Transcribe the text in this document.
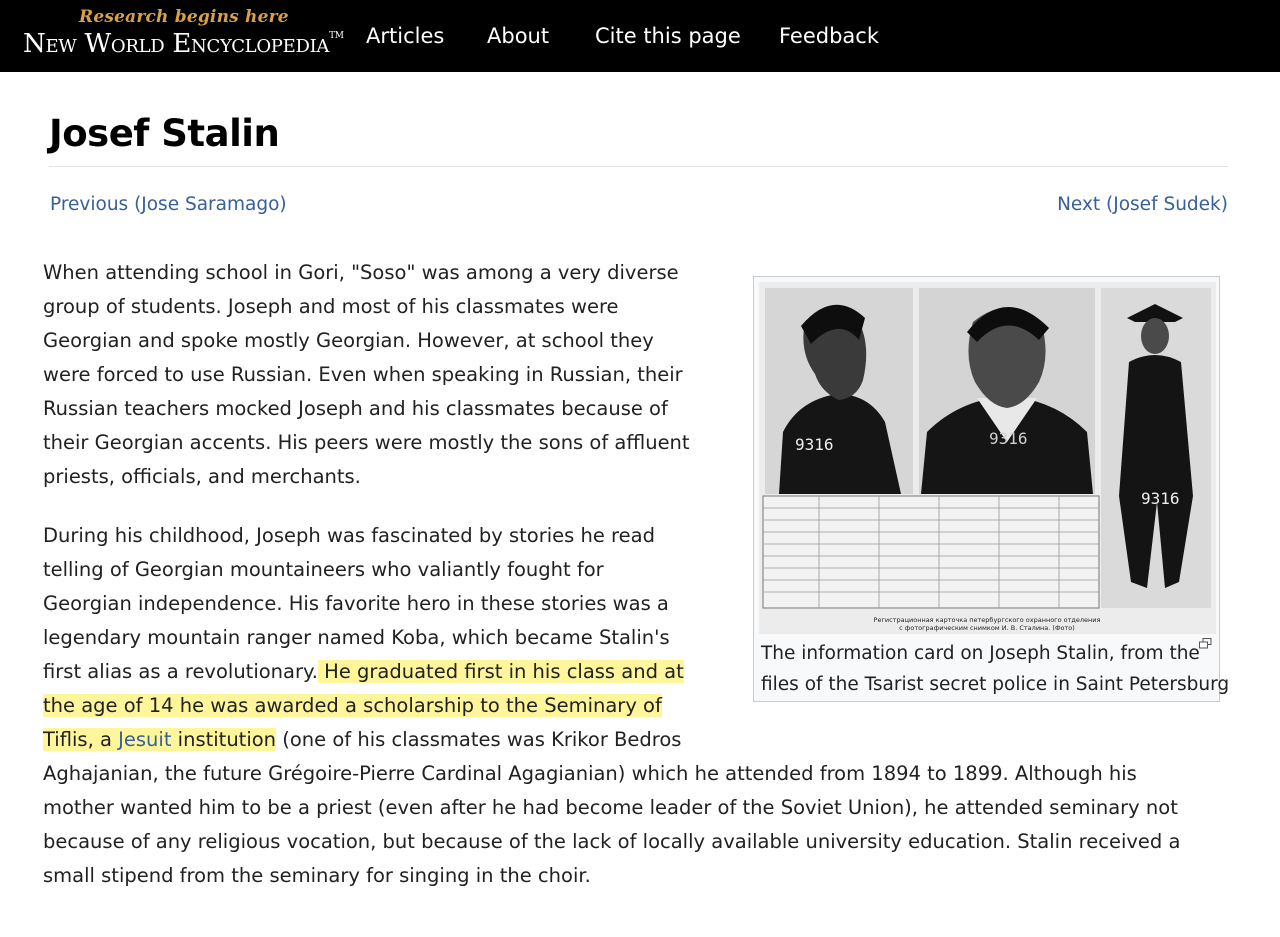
Research begins here
New World Encyclopedia™ Articles About Cite this page Feedback
Josef Stalin
Previous (Jose Saramago)	Next (Josef Sudek)

When attending school in Gori, "Soso" was among a very diverse
group of students. Joseph and most of his classmates were
Georgian and spoke mostly Georgian. However, at school they
were forced to use Russian. Even when speaking in Russian, their
Russian teachers mocked Joseph and his classmates because of
their Georgian accents. His peers were mostly the sons of affluent
priests, officials, and merchants.

During his childhood, Joseph was fascinated by stories he read
telling of Georgian mountaineers who valiantly fought for
Georgian independence. His favorite hero in these stories was a
legendary mountain ranger named Koba, which became Stalin's
first alias as a revolutionary. He graduated first in his class and at
the age of 14 he was awarded a scholarship to the Seminary of
Tiflis, a Jesuit institution (one of his classmates was Krikor Bedros
Aghajanian, the future Grégoire-Pierre Cardinal Agagianian) which he attended from 1894 to 1899. Although his
mother wanted him to be a priest (even after he had become leader of the Soviet Union), he attended seminary not
because of any religious vocation, but because of the lack of locally available university education. Stalin received a
small stipend from the seminary for singing in the choir.

9316	9316
9316
Регистрационная карточка петербургского охранного отделения
с фотографическим снимком И. В. Сталина. (Фото)

The information card on Joseph Stalin, from the
files of the Tsarist secret police in Saint Petersburg
